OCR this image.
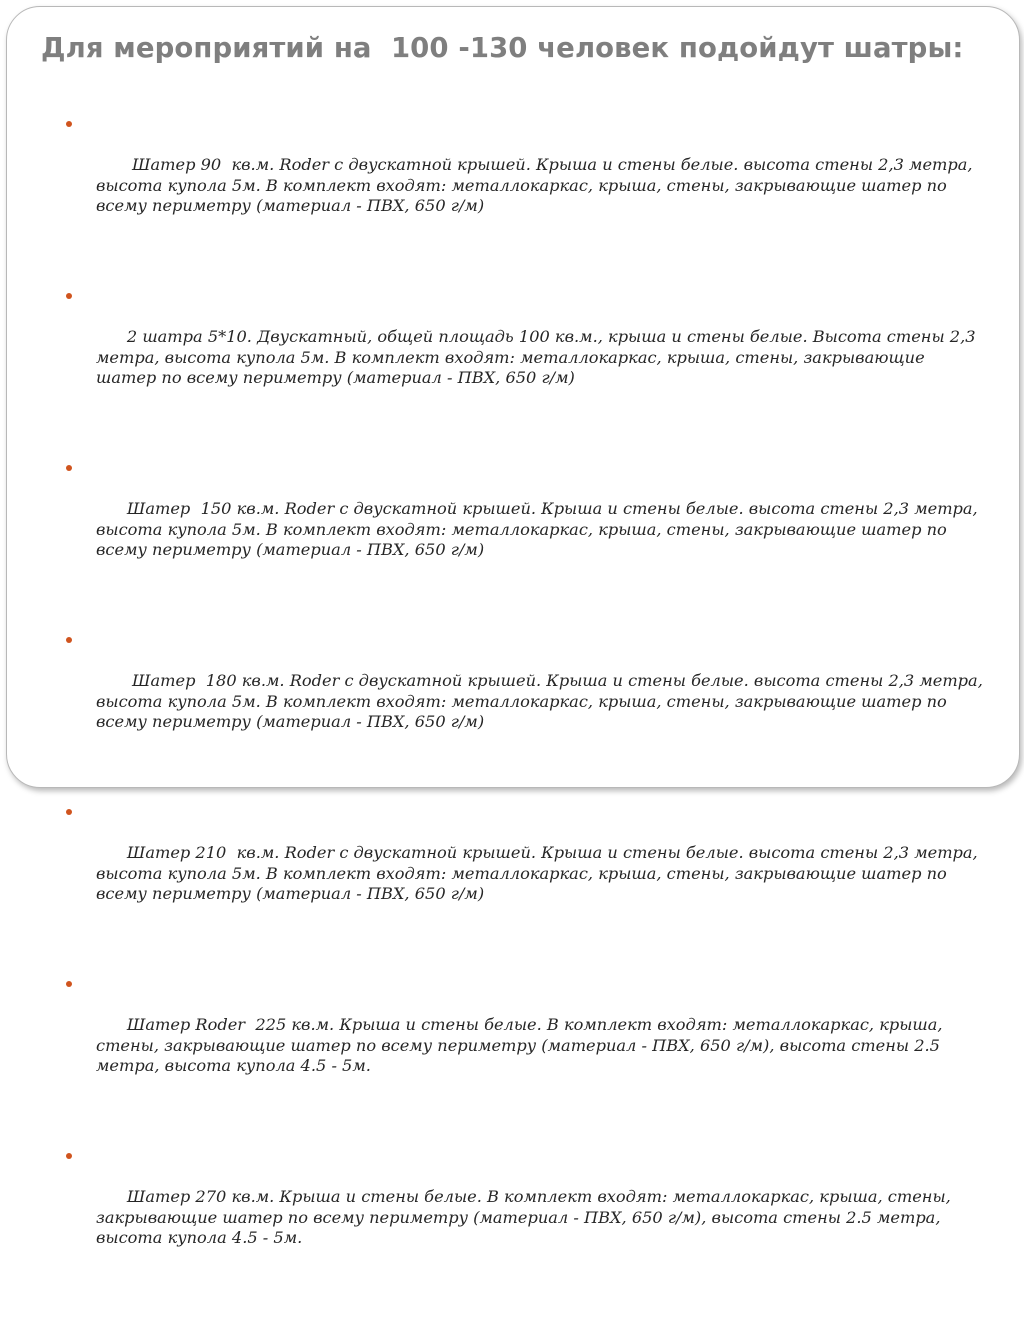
Для мероприятий на  100 -130 человек подойдут шатры:

Шатер 90  кв.м. Roder с двускатной крышей. Крыша и стены белые. высота стены 2,3 метра, высота купола 5м. В комплект входят: металлокаркас, крыша, стены, закрывающие шатер по всему периметру (материал - ПВХ, 650 г/м)

2 шатра 5*10. Двускатный, общей площадь 100 кв.м., крыша и стены белые. Высота стены 2,3 метра, высота купола 5м. В комплект входят: металлокаркас, крыша, стены, закрывающие шатер по всему периметру (материал - ПВХ, 650 г/м)

Шатер  150 кв.м. Roder с двускатной крышей. Крыша и стены белые. высота стены 2,3 метра, высота купола 5м. В комплект входят: металлокаркас, крыша, стены, закрывающие шатер по всему периметру (материал - ПВХ, 650 г/м)

Шатер  180 кв.м. Roder с двускатной крышей. Крыша и стены белые. высота стены 2,3 метра, высота купола 5м. В комплект входят: металлокаркас, крыша, стены, закрывающие шатер по всему периметру (материал - ПВХ, 650 г/м)

Шатер 210  кв.м. Roder с двускатной крышей. Крыша и стены белые. высота стены 2,3 метра, высота купола 5м. В комплект входят: металлокаркас, крыша, стены, закрывающие шатер по всему периметру (материал - ПВХ, 650 г/м)

Шатер Roder  225 кв.м. Крыша и стены белые. В комплект входят: металлокаркас, крыша, стены, закрывающие шатер по всему периметру (материал - ПВХ, 650 г/м), высота стены 2.5 метра, высота купола 4.5 - 5м.

Шатер 270 кв.м. Крыша и стены белые. В комплект входят: металлокаркас, крыша, стены, закрывающие шатер по всему периметру (материал - ПВХ, 650 г/м), высота стены 2.5 метра, высота купола 4.5 - 5м.
